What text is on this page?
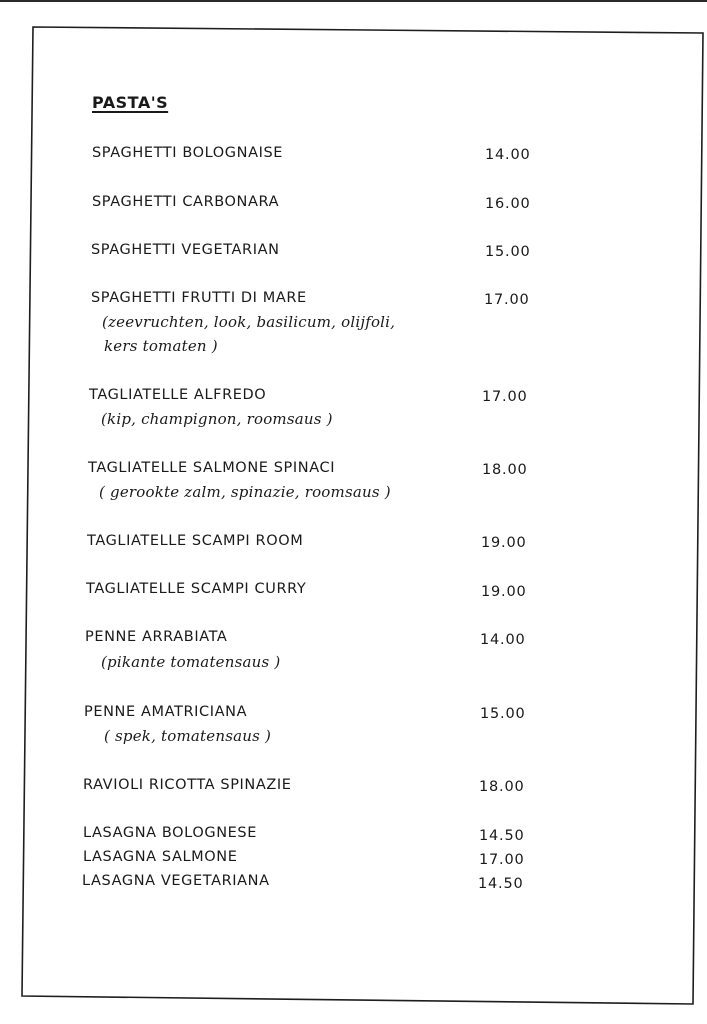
PASTA'S
SPAGHETTI BOLOGNAISE	14.00
SPAGHETTI CARBONARA	16.00
SPAGHETTI VEGETARIAN	15.00
SPAGHETTI FRUTTI DI MARE	17.00
(zeevruchten, look, basilicum, olijfoli,
kers tomaten )
TAGLIATELLE ALFREDO	17.00
(kip, champignon, roomsaus )
TAGLIATELLE SALMONE SPINACI	18.00
( gerookte zalm, spinazie, roomsaus )
TAGLIATELLE SCAMPI ROOM	19.00
TAGLIATELLE SCAMPI CURRY	19.00
PENNE ARRABIATA	14.00
(pikante tomatensaus )
PENNE AMATRICIANA	15.00
( spek, tomatensaus )
RAVIOLI RICOTTA SPINAZIE	18.00
LASAGNA BOLOGNESE	14.50
LASAGNA SALMONE	17.00
LASAGNA VEGETARIANA	14.50
